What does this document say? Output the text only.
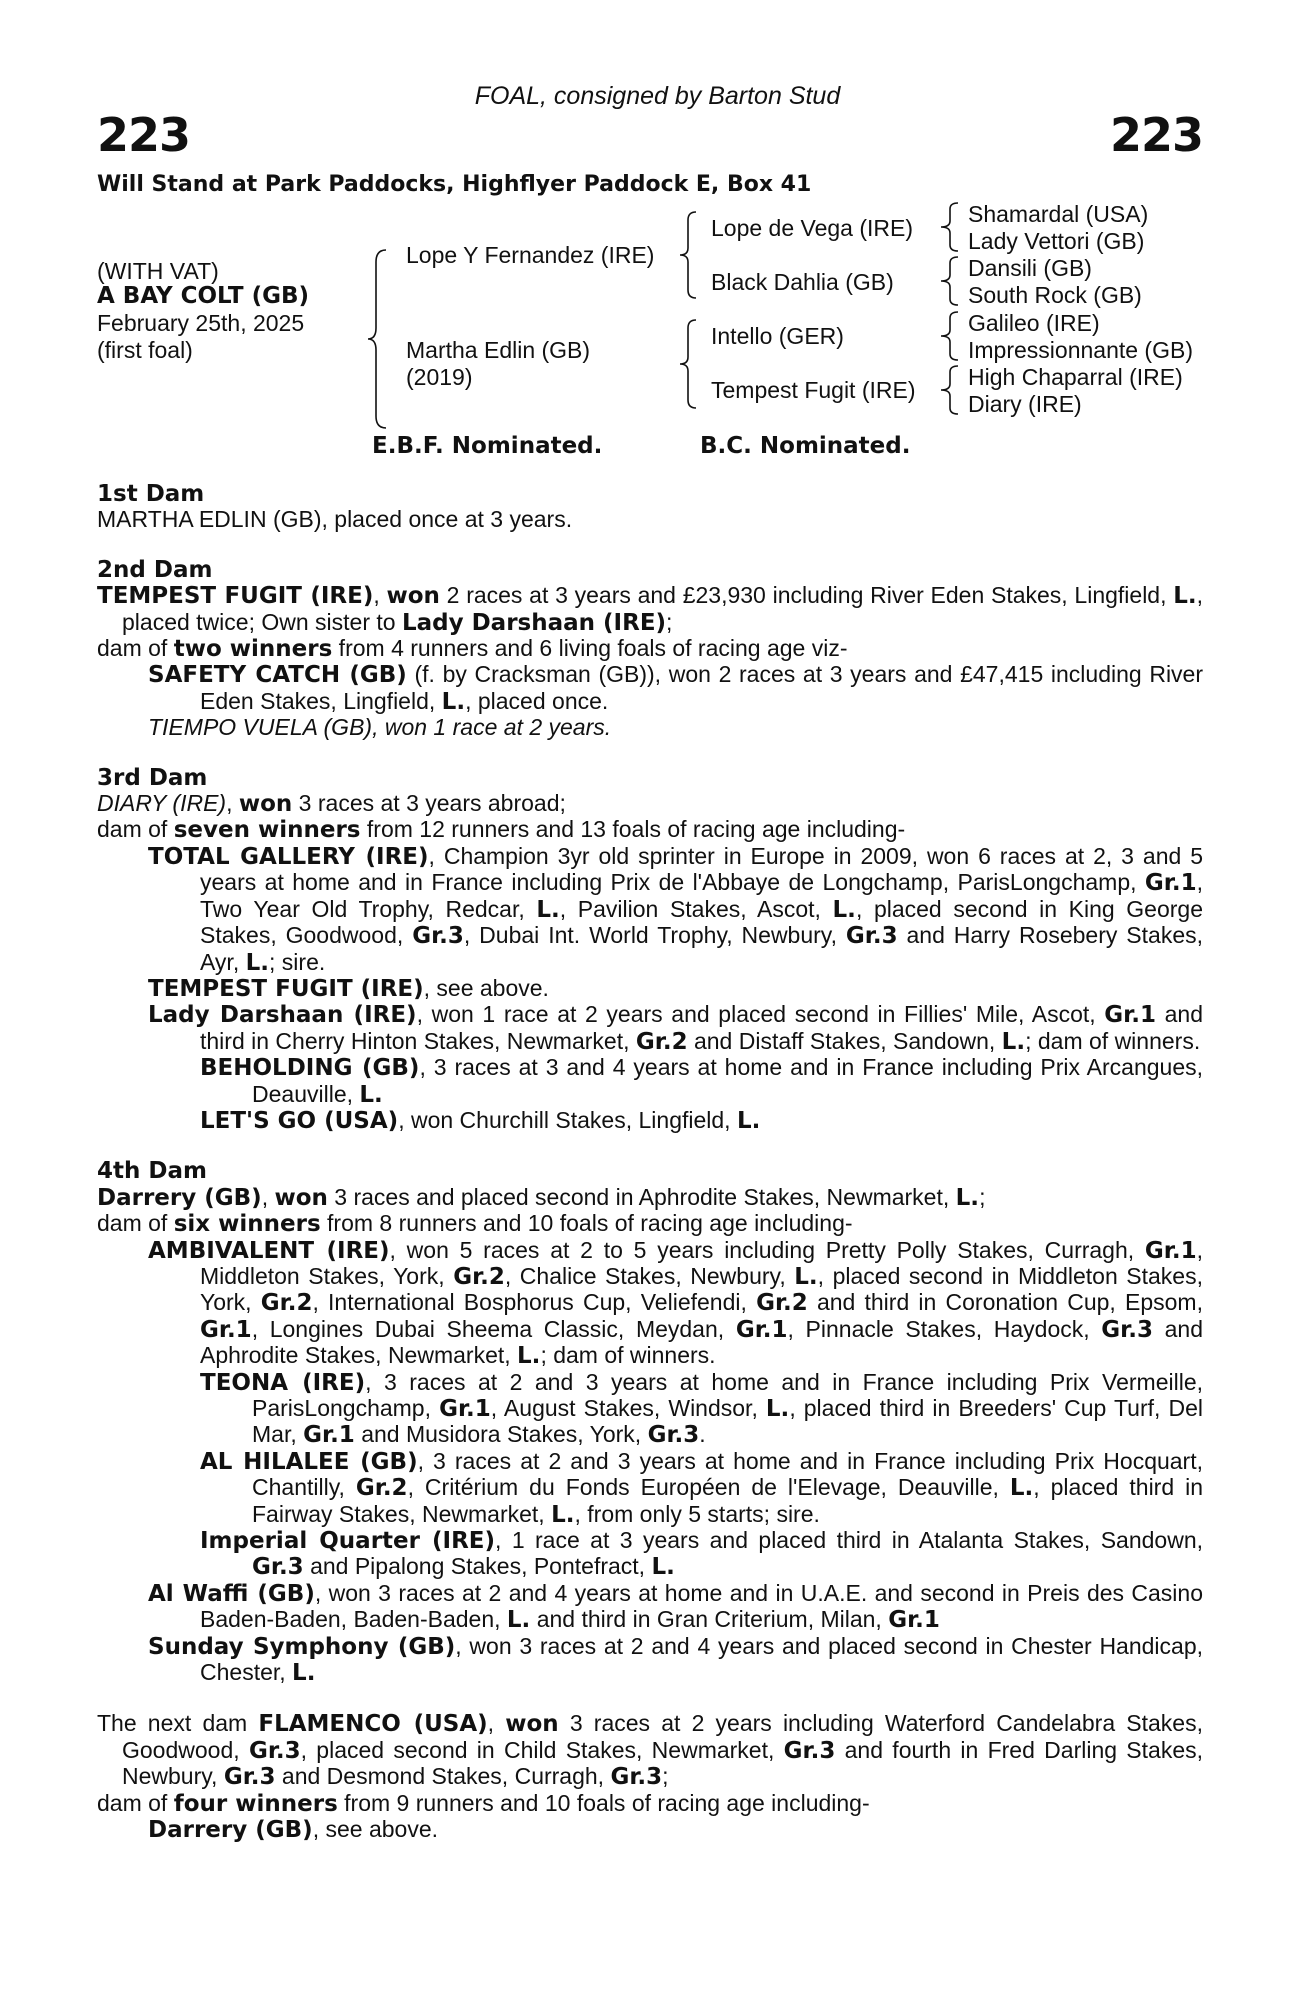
FOAL, consigned by Barton Stud
223	223
Will Stand at Park Paddocks, Highflyer Paddock E, Box 41
(WITH VAT)
A BAY COLT (GB)
February 25th, 2025
(first foal)
Lope Y Fernandez (IRE)
Martha Edlin (GB)
(2019)
Lope de Vega (IRE)
Black Dahlia (GB)
Intello (GER)
Tempest Fugit (IRE)
Shamardal (USA)
Lady Vettori (GB)
Dansili (GB)
South Rock (GB)
Galileo (IRE)
Impressionnante (GB)
High Chaparral (IRE)
Diary (IRE)
E.B.F. Nominated.	B.C. Nominated.
1st Dam
MARTHA EDLIN (GB), placed once at 3 years.
2nd Dam
TEMPEST FUGIT (IRE), won 2 races at 3 years and £23,930 including River Eden Stakes, Lingfield, L., placed twice; Own sister to Lady Darshaan (IRE);
dam of two winners from 4 runners and 6 living foals of racing age viz-
SAFETY CATCH (GB) (f. by Cracksman (GB)), won 2 races at 3 years and £47,415 including River Eden Stakes, Lingfield, L., placed once.
TIEMPO VUELA (GB), won 1 race at 2 years.
3rd Dam
DIARY (IRE), won 3 races at 3 years abroad;
dam of seven winners from 12 runners and 13 foals of racing age including-
TOTAL GALLERY (IRE), Champion 3yr old sprinter in Europe in 2009, won 6 races at 2, 3 and 5 years at home and in France including Prix de l'Abbaye de Longchamp, ParisLongchamp, Gr.1, Two Year Old Trophy, Redcar, L., Pavilion Stakes, Ascot, L., placed second in King George Stakes, Goodwood, Gr.3, Dubai Int. World Trophy, Newbury, Gr.3 and Harry Rosebery Stakes, Ayr, L.; sire.
TEMPEST FUGIT (IRE), see above.
Lady Darshaan (IRE), won 1 race at 2 years and placed second in Fillies' Mile, Ascot, Gr.1 and third in Cherry Hinton Stakes, Newmarket, Gr.2 and Distaff Stakes, Sandown, L.; dam of winners.
BEHOLDING (GB), 3 races at 3 and 4 years at home and in France including Prix Arcangues, Deauville, L.
LET'S GO (USA), won Churchill Stakes, Lingfield, L.
4th Dam
Darrery (GB), won 3 races and placed second in Aphrodite Stakes, Newmarket, L.;
dam of six winners from 8 runners and 10 foals of racing age including-
AMBIVALENT (IRE), won 5 races at 2 to 5 years including Pretty Polly Stakes, Curragh, Gr.1, Middleton Stakes, York, Gr.2, Chalice Stakes, Newbury, L., placed second in Middleton Stakes, York, Gr.2, International Bosphorus Cup, Veliefendi, Gr.2 and third in Coronation Cup, Epsom, Gr.1, Longines Dubai Sheema Classic, Meydan, Gr.1, Pinnacle Stakes, Haydock, Gr.3 and Aphrodite Stakes, Newmarket, L.; dam of winners.
TEONA (IRE), 3 races at 2 and 3 years at home and in France including Prix Vermeille, ParisLongchamp, Gr.1, August Stakes, Windsor, L., placed third in Breeders' Cup Turf, Del Mar, Gr.1 and Musidora Stakes, York, Gr.3.
AL HILALEE (GB), 3 races at 2 and 3 years at home and in France including Prix Hocquart, Chantilly, Gr.2, Critérium du Fonds Européen de l'Elevage, Deauville, L., placed third in Fairway Stakes, Newmarket, L., from only 5 starts; sire.
Imperial Quarter (IRE), 1 race at 3 years and placed third in Atalanta Stakes, Sandown, Gr.3 and Pipalong Stakes, Pontefract, L.
Al Waffi (GB), won 3 races at 2 and 4 years at home and in U.A.E. and second in Preis des Casino Baden-Baden, Baden-Baden, L. and third in Gran Criterium, Milan, Gr.1
Sunday Symphony (GB), won 3 races at 2 and 4 years and placed second in Chester Handicap, Chester, L.
The next dam FLAMENCO (USA), won 3 races at 2 years including Waterford Candelabra Stakes, Goodwood, Gr.3, placed second in Child Stakes, Newmarket, Gr.3 and fourth in Fred Darling Stakes, Newbury, Gr.3 and Desmond Stakes, Curragh, Gr.3;
dam of four winners from 9 runners and 10 foals of racing age including-
Darrery (GB), see above.
